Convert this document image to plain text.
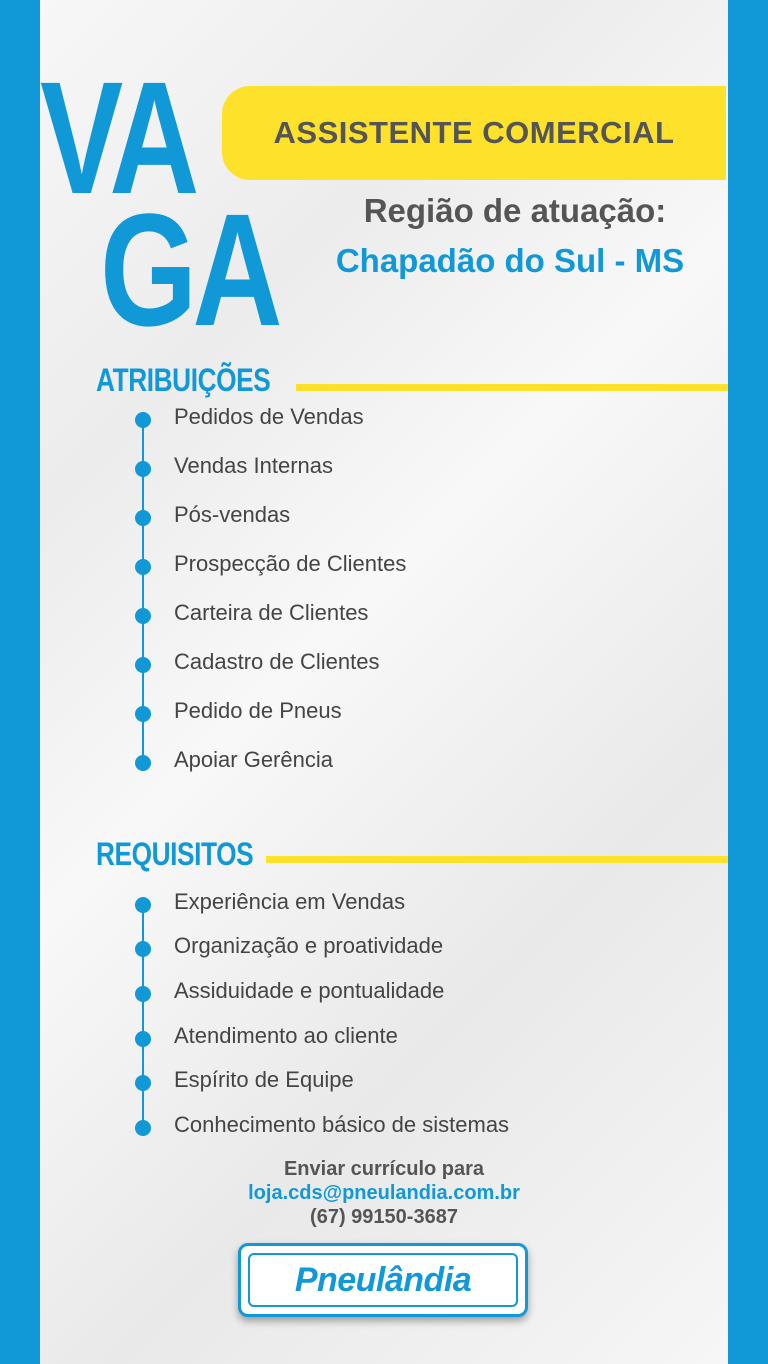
VA
GA
ASSISTENTE COMERCIAL
Região de atuação:
Chapadão do Sul - MS
ATRIBUIÇÕES
Pedidos de Vendas
Vendas Internas
Pós-vendas
Prospecção de Clientes
Carteira de Clientes
Cadastro de Clientes
Pedido de Pneus
Apoiar Gerência
REQUISITOS
Experiência em Vendas
Organização e proatividade
Assiduidade e pontualidade
Atendimento ao cliente
Espírito de Equipe
Conhecimento básico de sistemas
Enviar currículo para
loja.cds@pneulandia.com.br
(67) 99150-3687
Pneulândia
